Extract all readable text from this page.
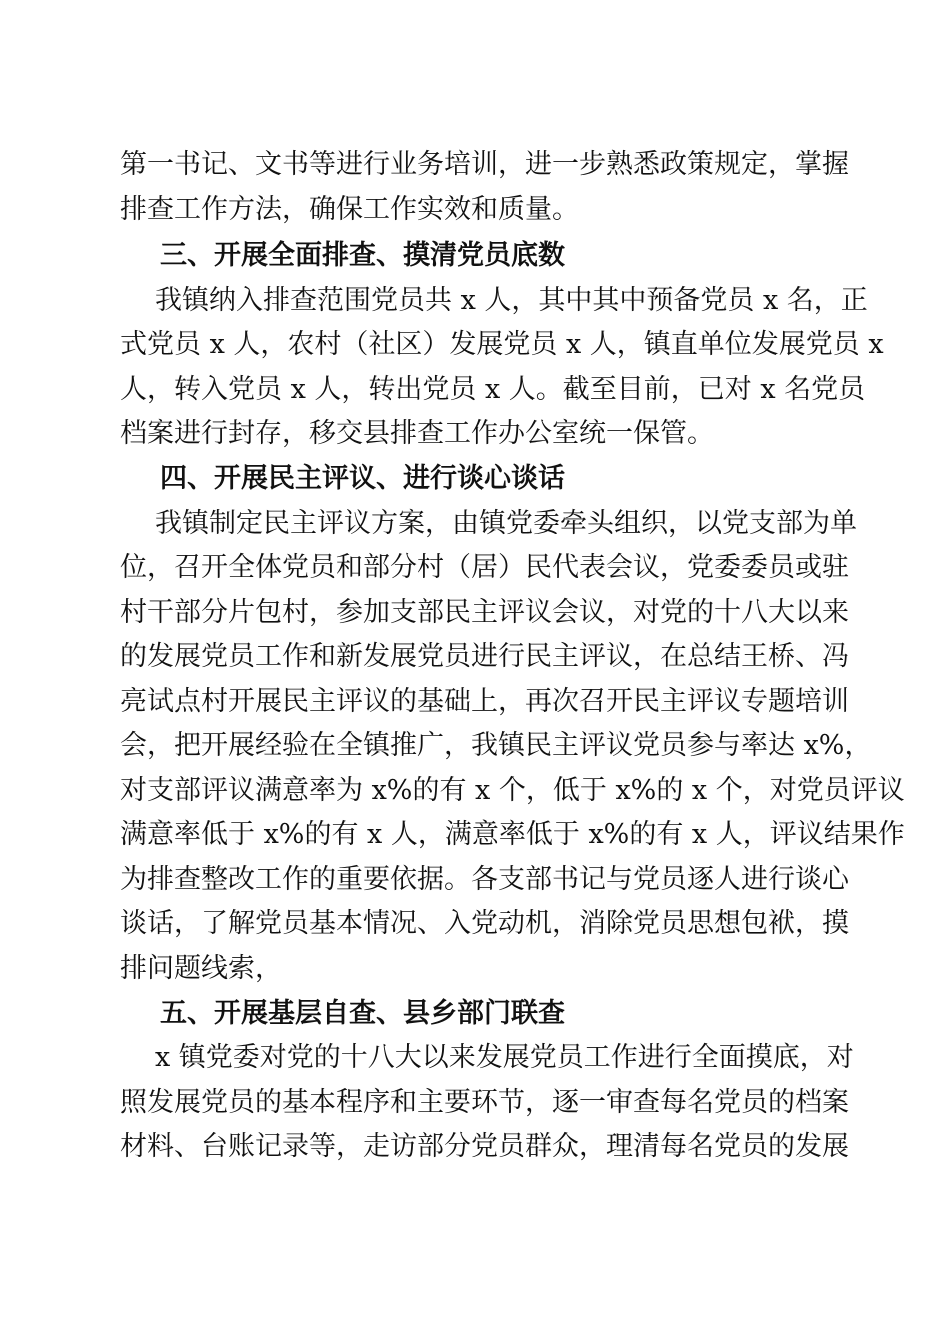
第一书记、文书等进行业务培训，进一步熟悉政策规定，掌握
排查工作方法，确保工作实效和质量。
三、开展全面排查、摸清党员底数
我镇纳入排查范围党员共 x 人，其中其中预备党员 x 名，正
式党员 x 人，农村（社区）发展党员 x 人，镇直单位发展党员 x
人，转入党员 x 人，转出党员 x 人。截至目前，已对 x 名党员
档案进行封存，移交县排查工作办公室统一保管。
四、开展民主评议、进行谈心谈话
我镇制定民主评议方案，由镇党委牵头组织，以党支部为单
位，召开全体党员和部分村（居）民代表会议，党委委员或驻
村干部分片包村，参加支部民主评议会议，对党的十八大以来
的发展党员工作和新发展党员进行民主评议，在总结王桥、冯
亮试点村开展民主评议的基础上，再次召开民主评议专题培训
会，把开展经验在全镇推广，我镇民主评议党员参与率达 x%，
对支部评议满意率为 x%的有 x 个，低于 x%的 x 个，对党员评议
满意率低于 x%的有 x 人，满意率低于 x%的有 x 人，评议结果作
为排查整改工作的重要依据。各支部书记与党员逐人进行谈心
谈话，了解党员基本情况、入党动机，消除党员思想包袱，摸
排问题线索，
五、开展基层自查、县乡部门联查
x 镇党委对党的十八大以来发展党员工作进行全面摸底，对
照发展党员的基本程序和主要环节，逐一审查每名党员的档案
材料、台账记录等，走访部分党员群众，理清每名党员的发展
